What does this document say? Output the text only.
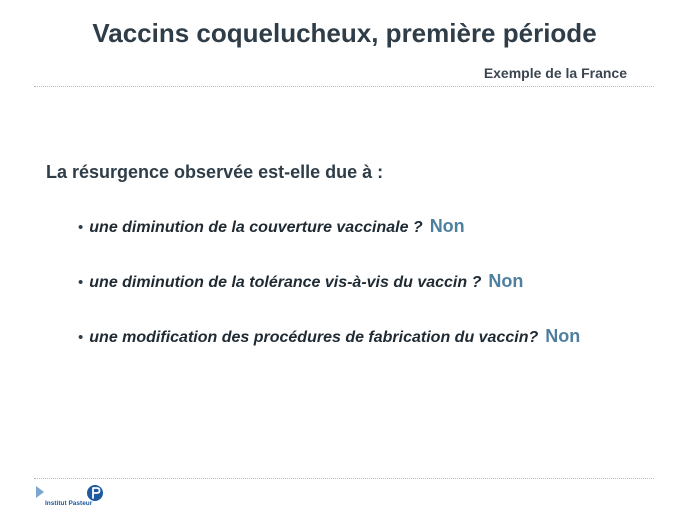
Vaccins coquelucheux, première période
Exemple de la France
La résurgence observée est-elle due à :
• une diminution de la couverture vaccinale ? Non
• une diminution de la tolérance vis-à-vis du vaccin ? Non
• une modification des procédures de fabrication du vaccin? Non
Institut Pasteur
